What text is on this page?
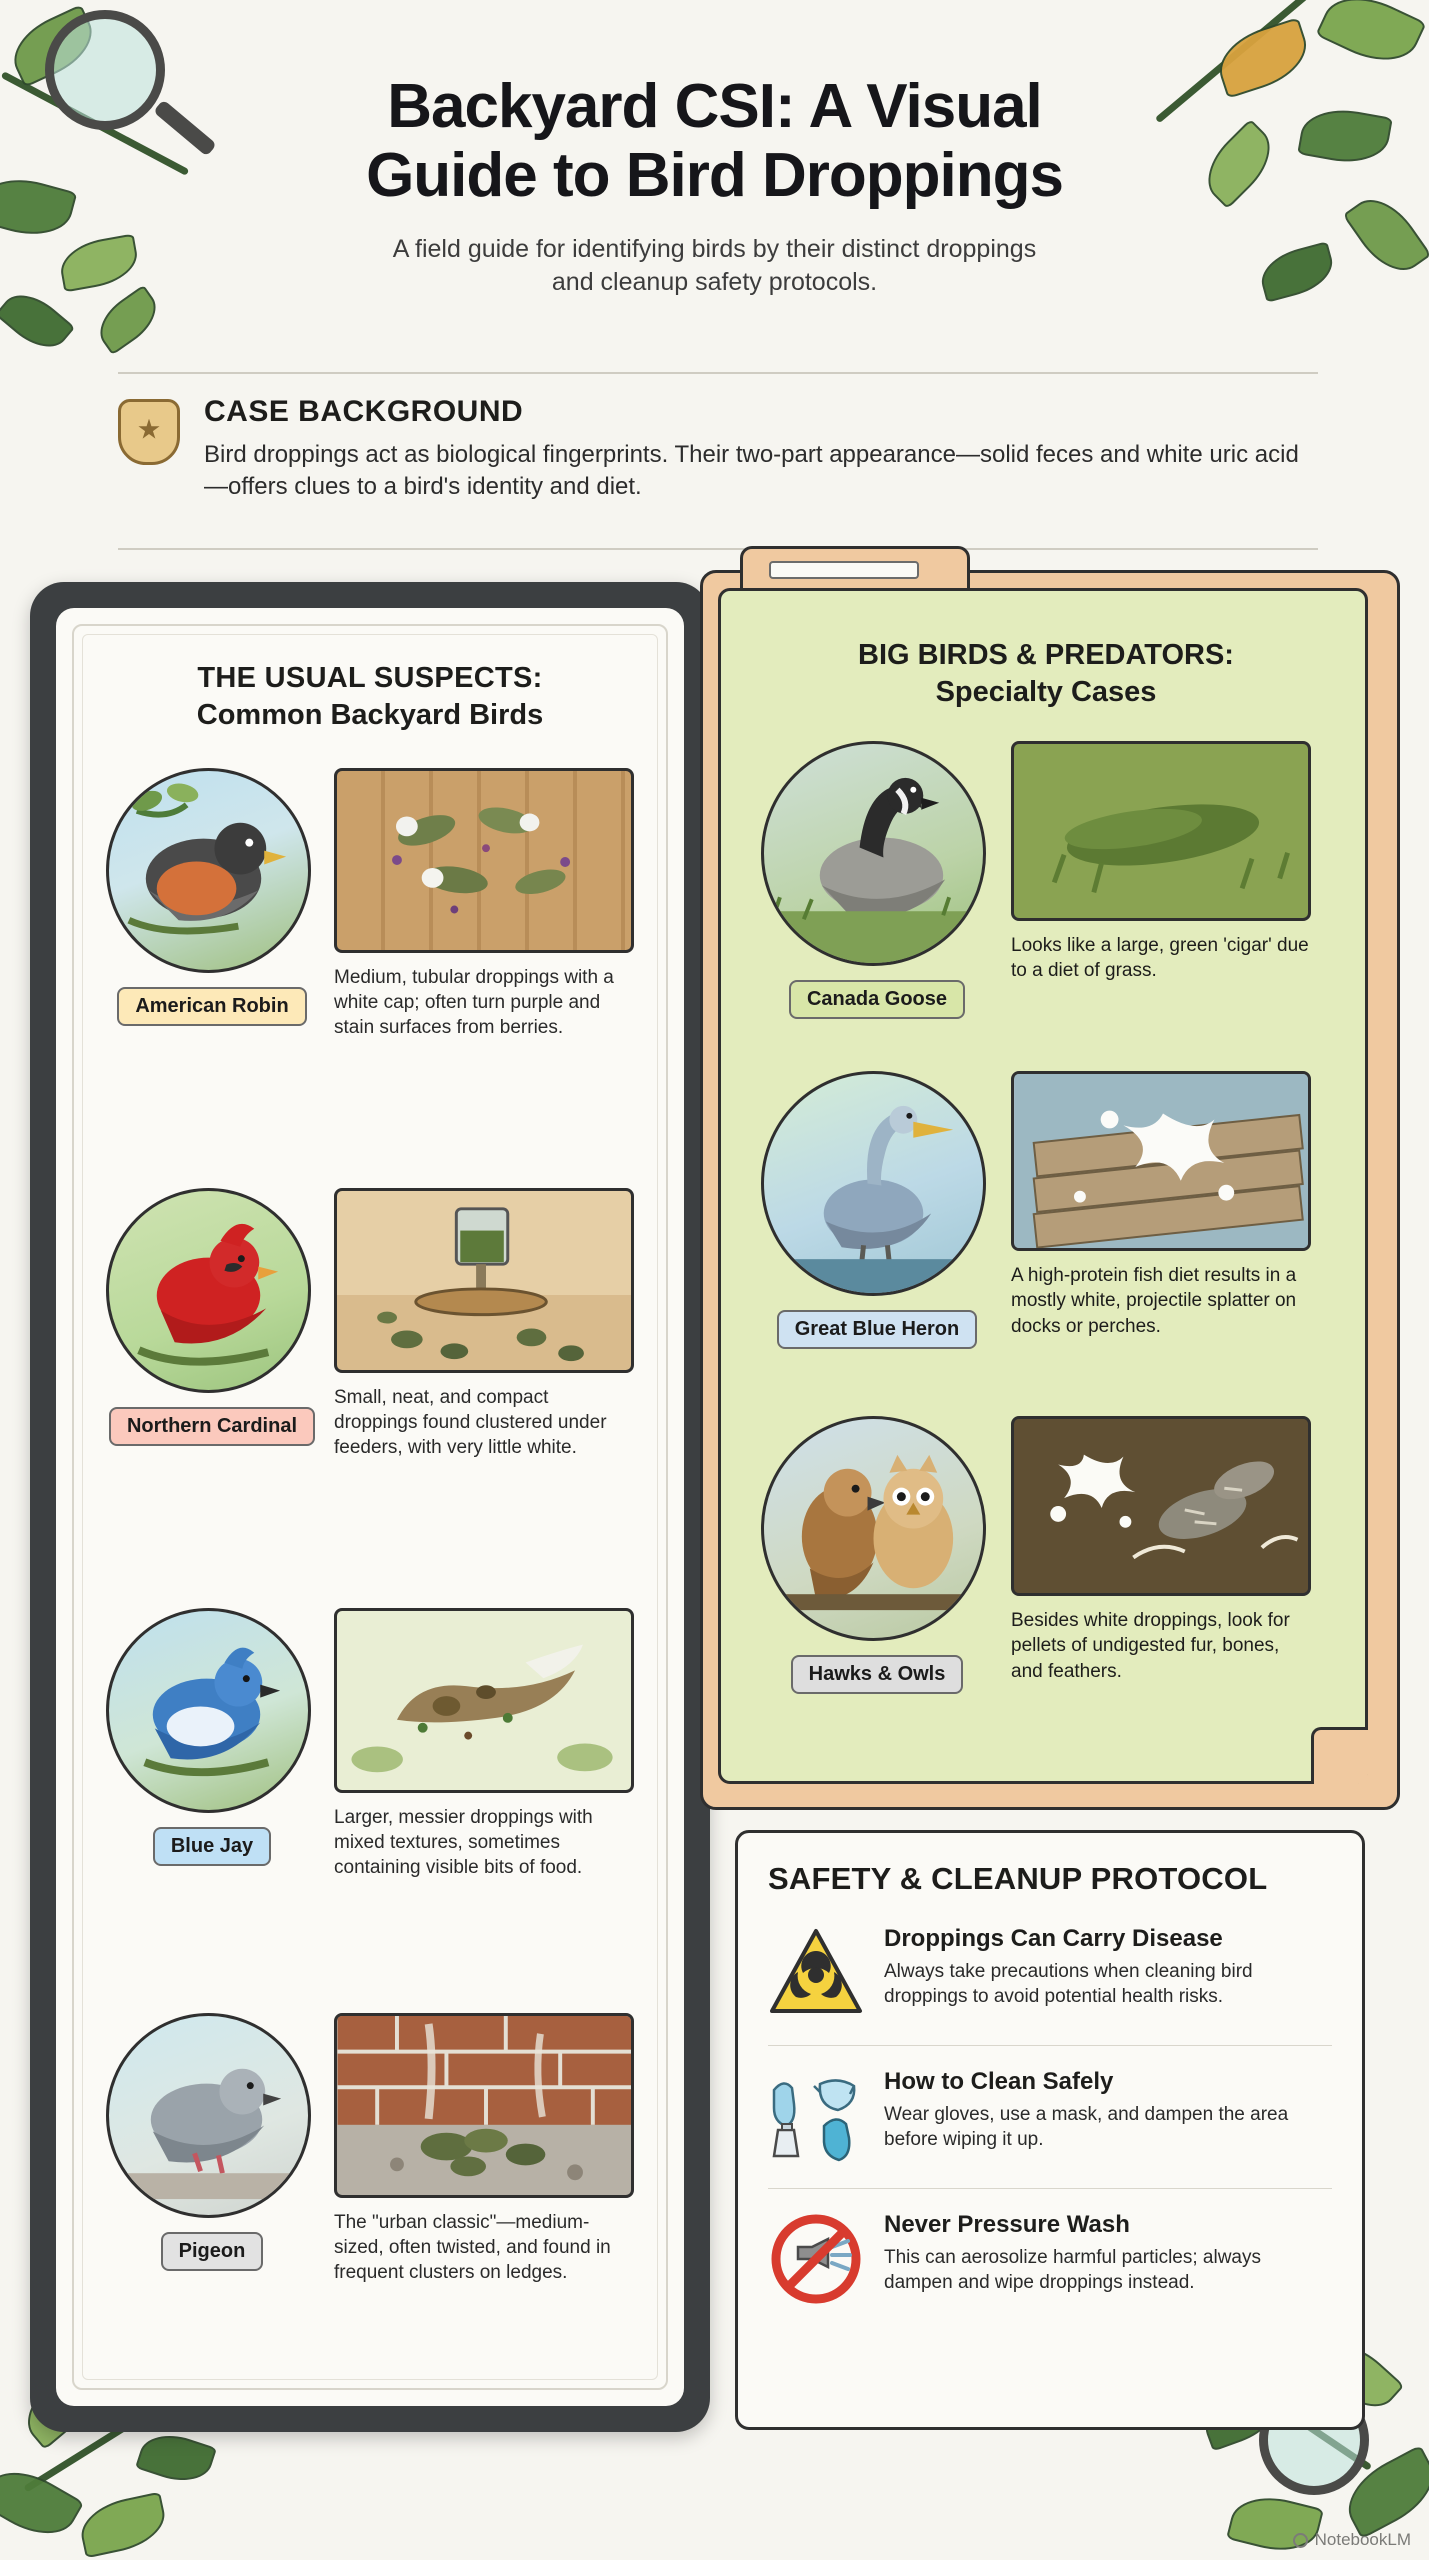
Backyard CSI: A Visual
Guide to Bird Droppings
A field guide for identifying birds by their distinct droppings
and cleanup safety protocols.
CASE BACKGROUND
Bird droppings act as biological fingerprints. Their two-part appearance—solid feces and white uric acid—offers clues to a bird's identity and diet.
THE USUAL SUSPECTS:
Common Backyard Birds
American Robin
Medium, tubular droppings with a white cap; often turn purple and stain surfaces from berries.
Northern Cardinal
Small, neat, and compact droppings found clustered under feeders, with very little white.
Blue Jay
Larger, messier droppings with mixed textures, sometimes containing visible bits of food.
Pigeon
The "urban classic"—medium-sized, often twisted, and found in frequent clusters on ledges.
BIG BIRDS & PREDATORS:
Specialty Cases
Canada Goose
Looks like a large, green 'cigar' due to a diet of grass.
Great Blue Heron
A high-protein fish diet results in a mostly white, projectile splatter on docks or perches.
Hawks & Owls
Besides white droppings, look for pellets of undigested fur, bones, and feathers.
SAFETY & CLEANUP PROTOCOL
Droppings Can Carry Disease
Always take precautions when cleaning bird droppings to avoid potential health risks.
How to Clean Safely
Wear gloves, use a mask, and dampen the area before wiping it up.
Never Pressure Wash
This can aerosolize harmful particles; always dampen and wipe droppings instead.
NotebookLM
